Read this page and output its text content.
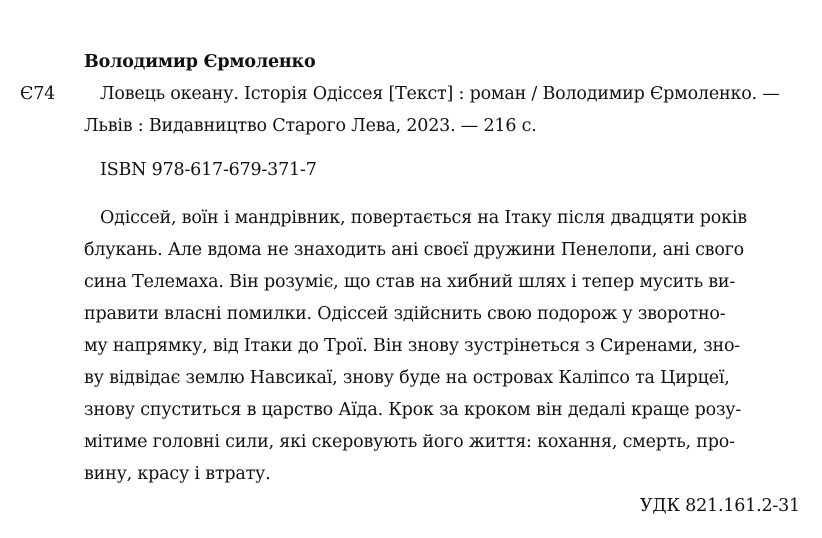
Володимир Єрмоленко
Є74	Ловець океану. Історія Одіссея [Текст] : роман / Володимир Єрмоленко. —
Львів : Видавництво Старого Лева, 2023. — 216 с.
ISBN 978-617-679-371-7
Одіссей, воїн і мандрівник, повертається на Ітаку після двадцяти років
блукань. Але вдома не знаходить ані своєї дружини Пенелопи, ані свого
сина Телемаха. Він розуміє, що став на хибний шлях і тепер мусить ви-
правити власні помилки. Одіссей здійснить свою подорож у зворотно-
му напрямку, від Ітаки до Трої. Він знову зустрінеться з Сиренами, зно-
ву відвідає землю Навсикаї, знову буде на островах Каліпсо та Цирцеї,
знову спуститься в царство Аїда. Крок за кроком він дедалі краще розу-
мітиме головні сили, які скеровують його життя: кохання, смерть, про-
вину, красу і втрату.
УДК 821.161.2-31
